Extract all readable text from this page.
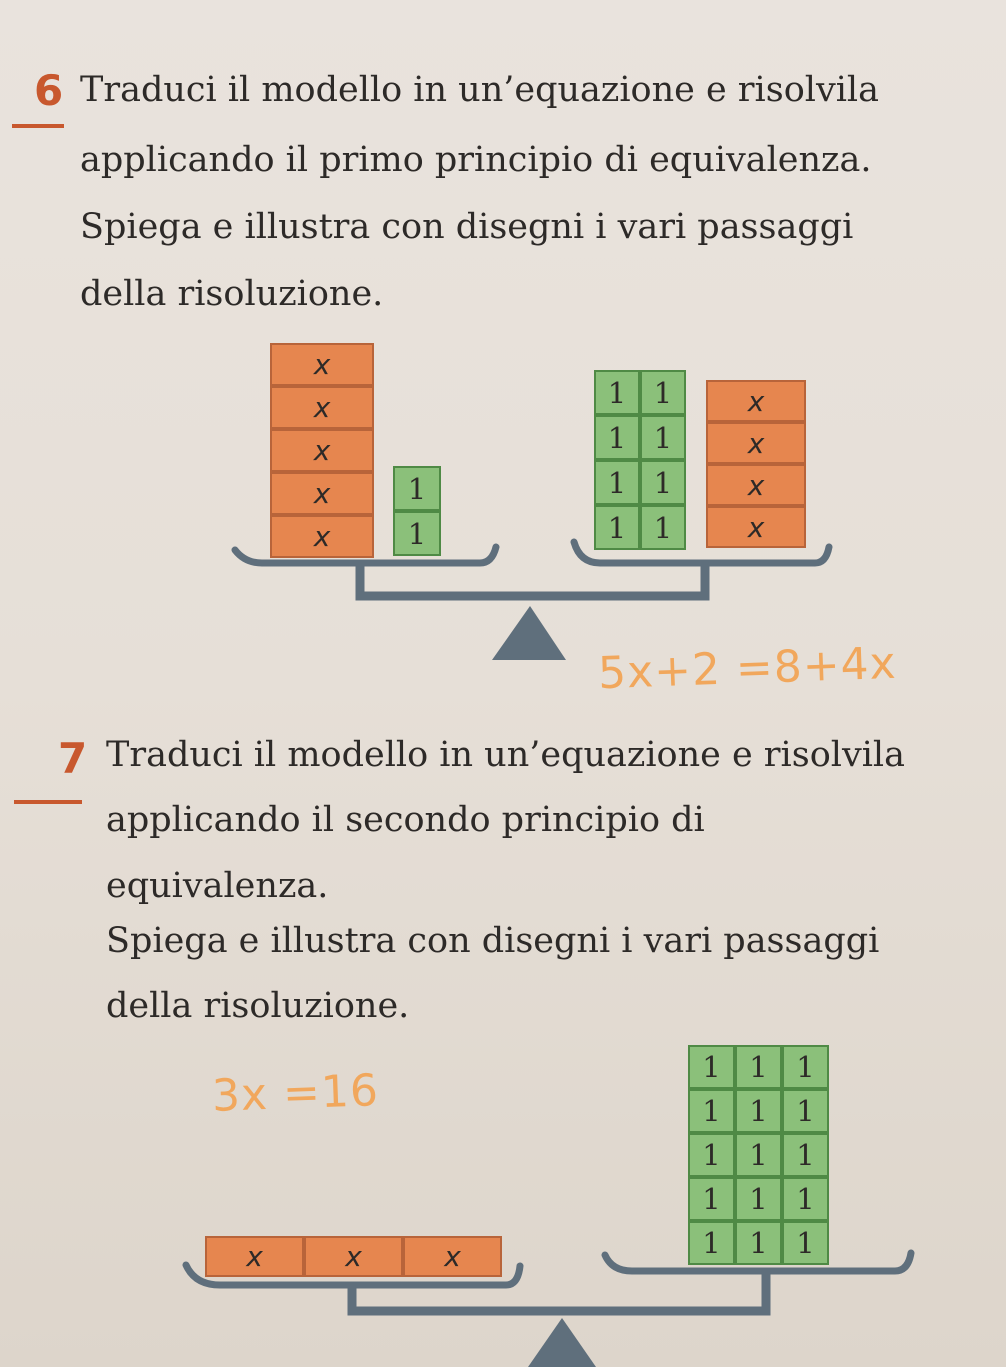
6 Traduci il modello in un’equazione e risolvila
applicando il primo principio di equivalenza.
Spiega e illustra con disegni i vari passaggi
della risoluzione.
x
x
x
x
x
1
1
1 1
1 1
1 1
1 1
x
x
x
x
5x+2 =8+4x
7 Traduci il modello in un’equazione e risolvila
applicando il secondo principio di
equivalenza.
Spiega e illustra con disegni i vari passaggi
della risoluzione.
3x =16
x	x	x	1 1 1
1 1 1
1 1 1
1 1 1
1 1 1
